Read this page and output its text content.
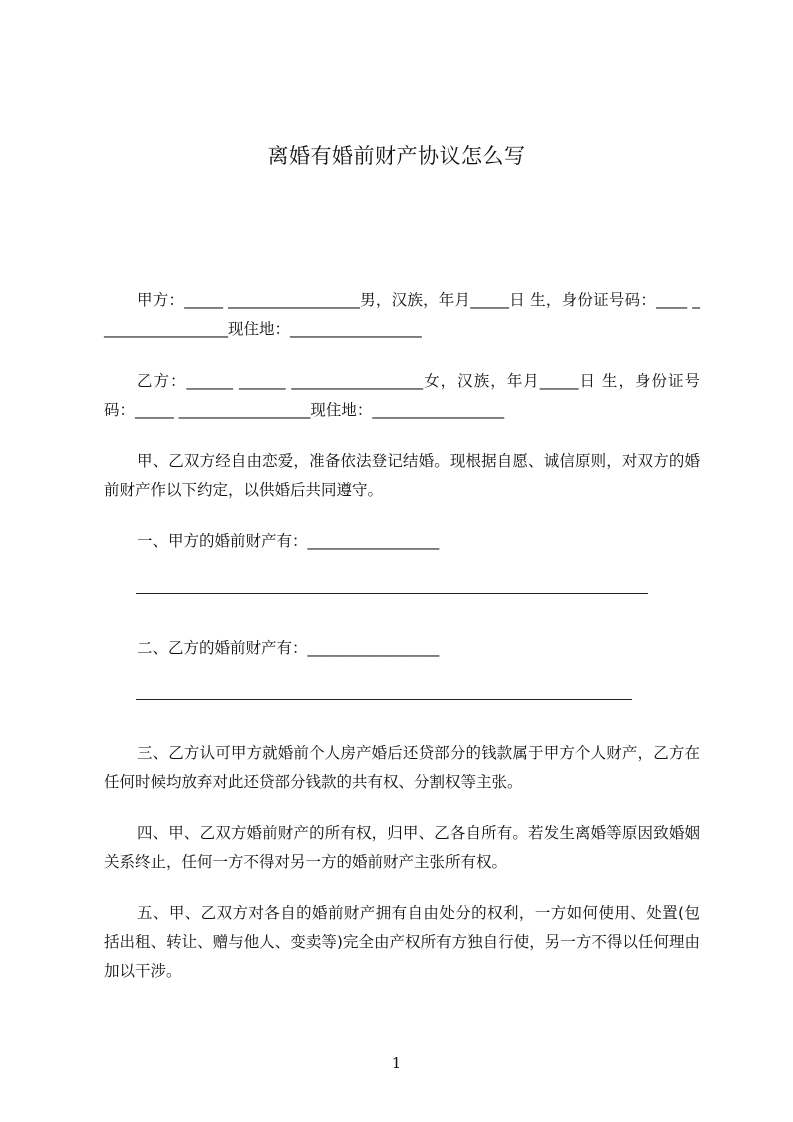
离婚有婚前财产协议怎么写
甲方：_____ _________________男，汉族，年月_____日 生，身份证号码：____ _________________现住地：_________________
乙方：______ ______ _________________女，汉族，年月_____日 生，身份证号码：_____ _________________现住地：_________________
甲、乙双方经自由恋爱，准备依法登记结婚。现根据自愿、诚信原则，对双方的婚前财产作以下约定，以供婚后共同遵守。
一、甲方的婚前财产有：_________________
二、乙方的婚前财产有：_________________
三、乙方认可甲方就婚前个人房产婚后还贷部分的钱款属于甲方个人财产，乙方在任何时候均放弃对此还贷部分钱款的共有权、分割权等主张。
四、甲、乙双方婚前财产的所有权，归甲、乙各自所有。若发生离婚等原因致婚姻关系终止，任何一方不得对另一方的婚前财产主张所有权。
五、甲、乙双方对各自的婚前财产拥有自由处分的权利，一方如何使用、处置(包括出租、转让、赠与他人、变卖等)完全由产权所有方独自行使，另一方不得以任何理由加以干涉。
1
